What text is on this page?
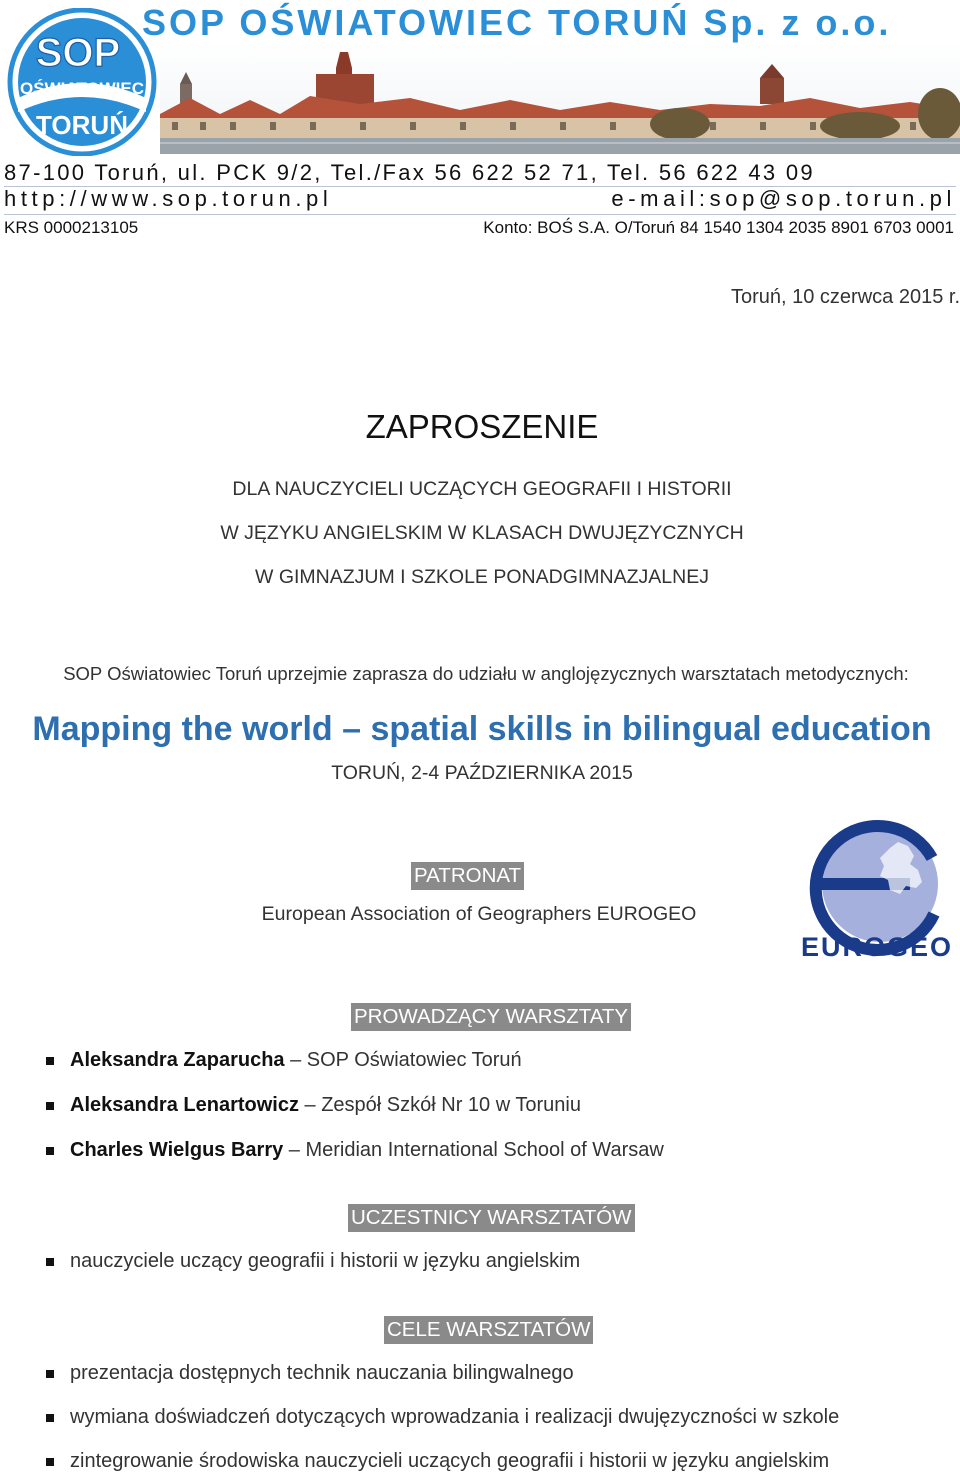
SOP
OŚWIATOWIEC
TORUŃ
SOP OŚWIATOWIEC TORUŃ Sp. z o.o.
87-100 Toruń, ul. PCK 9/2, Tel./Fax 56 622 52 71, Tel. 56 622 43 09
http://www.sop.torun.pl	e-mail:sop@sop.torun.pl
KRS 0000213105	Konto: BOŚ S.A. O/Toruń 84 1540 1304 2035 8901 6703 0001
Toruń, 10 czerwca 2015 r.
ZAPROSZENIE
DLA NAUCZYCIELI UCZĄCYCH GEOGRAFII I HISTORII
W JĘZYKU ANGIELSKIM W KLASACH DWUJĘZYCZNYCH
W GIMNAZJUM I SZKOLE PONADGIMNAZJALNEJ
SOP Oświatowiec Toruń uprzejmie zaprasza do udziału w anglojęzycznych warsztatach metodycznych:
Mapping the world – spatial skills in bilingual education
TORUŃ, 2-4 PAŹDZIERNIKA 2015
PATRONAT
European Association of Geographers EUROGEO
EUROGEO
PROWADZĄCY WARSZTATY
Aleksandra Zaparucha – SOP Oświatowiec Toruń
Aleksandra Lenartowicz – Zespół Szkół Nr 10 w Toruniu
Charles Wielgus Barry – Meridian International School of Warsaw
UCZESTNICY WARSZTATÓW
nauczyciele uczący geografii i historii w języku angielskim
CELE WARSZTATÓW
prezentacja dostępnych technik nauczania bilingwalnego
wymiana doświadczeń dotyczących wprowadzania i realizacji dwujęzyczności w szkole
zintegrowanie środowiska nauczycieli uczących geografii i historii w języku angielskim
